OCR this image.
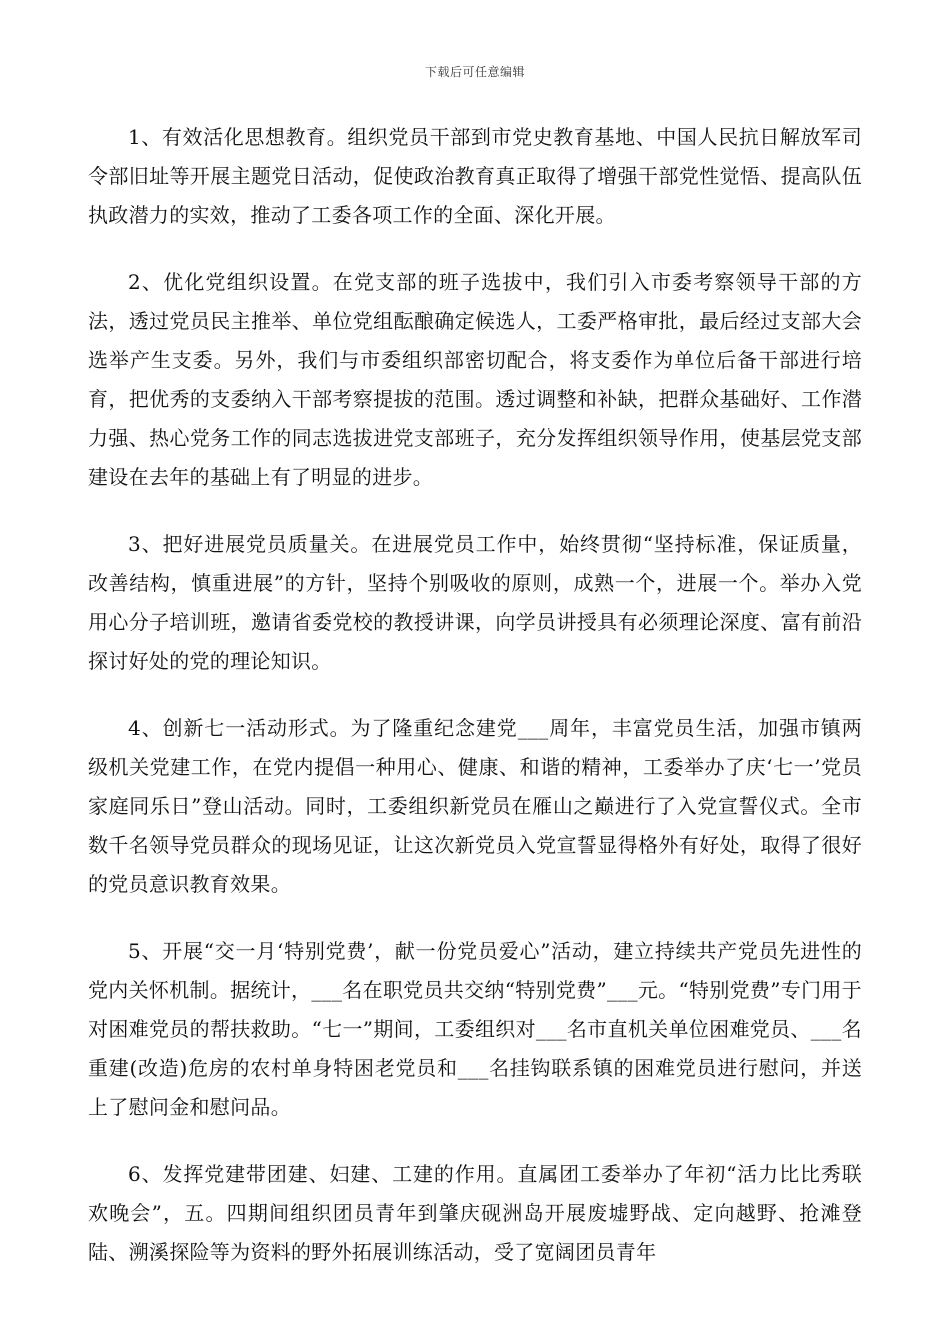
下载后可任意编辑

1、有效活化思想教育。组织党员干部到市党史教育基地、中国人民抗日解放军司令部旧址等开展主题党日活动，促使政治教育真正取得了增强干部党性觉悟、提高队伍执政潜力的实效，推动了工委各项工作的全面、深化开展。

2、优化党组织设置。在党支部的班子选拔中，我们引入市委考察领导干部的方法，透过党员民主推举、单位党组酝酿确定候选人，工委严格审批，最后经过支部大会选举产生支委。另外，我们与市委组织部密切配合，将支委作为单位后备干部进行培育，把优秀的支委纳入干部考察提拔的范围。透过调整和补缺，把群众基础好、工作潜力强、热心党务工作的同志选拔进党支部班子，充分发挥组织领导作用，使基层党支部建设在去年的基础上有了明显的进步。

3、把好进展党员质量关。在进展党员工作中，始终贯彻“坚持标准，保证质量，改善结构，慎重进展”的方针，坚持个别吸收的原则，成熟一个，进展一个。举办入党用心分子培训班，邀请省委党校的教授讲课，向学员讲授具有必须理论深度、富有前沿探讨好处的党的理论知识。

4、创新七一活动形式。为了隆重纪念建党___周年，丰富党员生活，加强市镇两级机关党建工作，在党内提倡一种用心、健康、和谐的精神，工委举办了庆‘七一’党员家庭同乐日”登山活动。同时，工委组织新党员在雁山之巅进行了入党宣誓仪式。全市数千名领导党员群众的现场见证，让这次新党员入党宣誓显得格外有好处，取得了很好的党员意识教育效果。

5、开展“交一月‘特别党费’，献一份党员爱心”活动，建立持续共产党员先进性的党内关怀机制。据统计，___名在职党员共交纳“特别党费”___元。“特别党费”专门用于对困难党员的帮扶救助。“七一”期间，工委组织对___名市直机关单位困难党员、___名重建(改造)危房的农村单身特困老党员和___名挂钩联系镇的困难党员进行慰问，并送上了慰问金和慰问品。

6、发挥党建带团建、妇建、工建的作用。直属团工委举办了年初“活力比比秀联欢晚会”，五。四期间组织团员青年到肇庆砚洲岛开展废墟野战、定向越野、抢滩登陆、溯溪探险等为资料的野外拓展训练活动，受了宽阔团员青年
